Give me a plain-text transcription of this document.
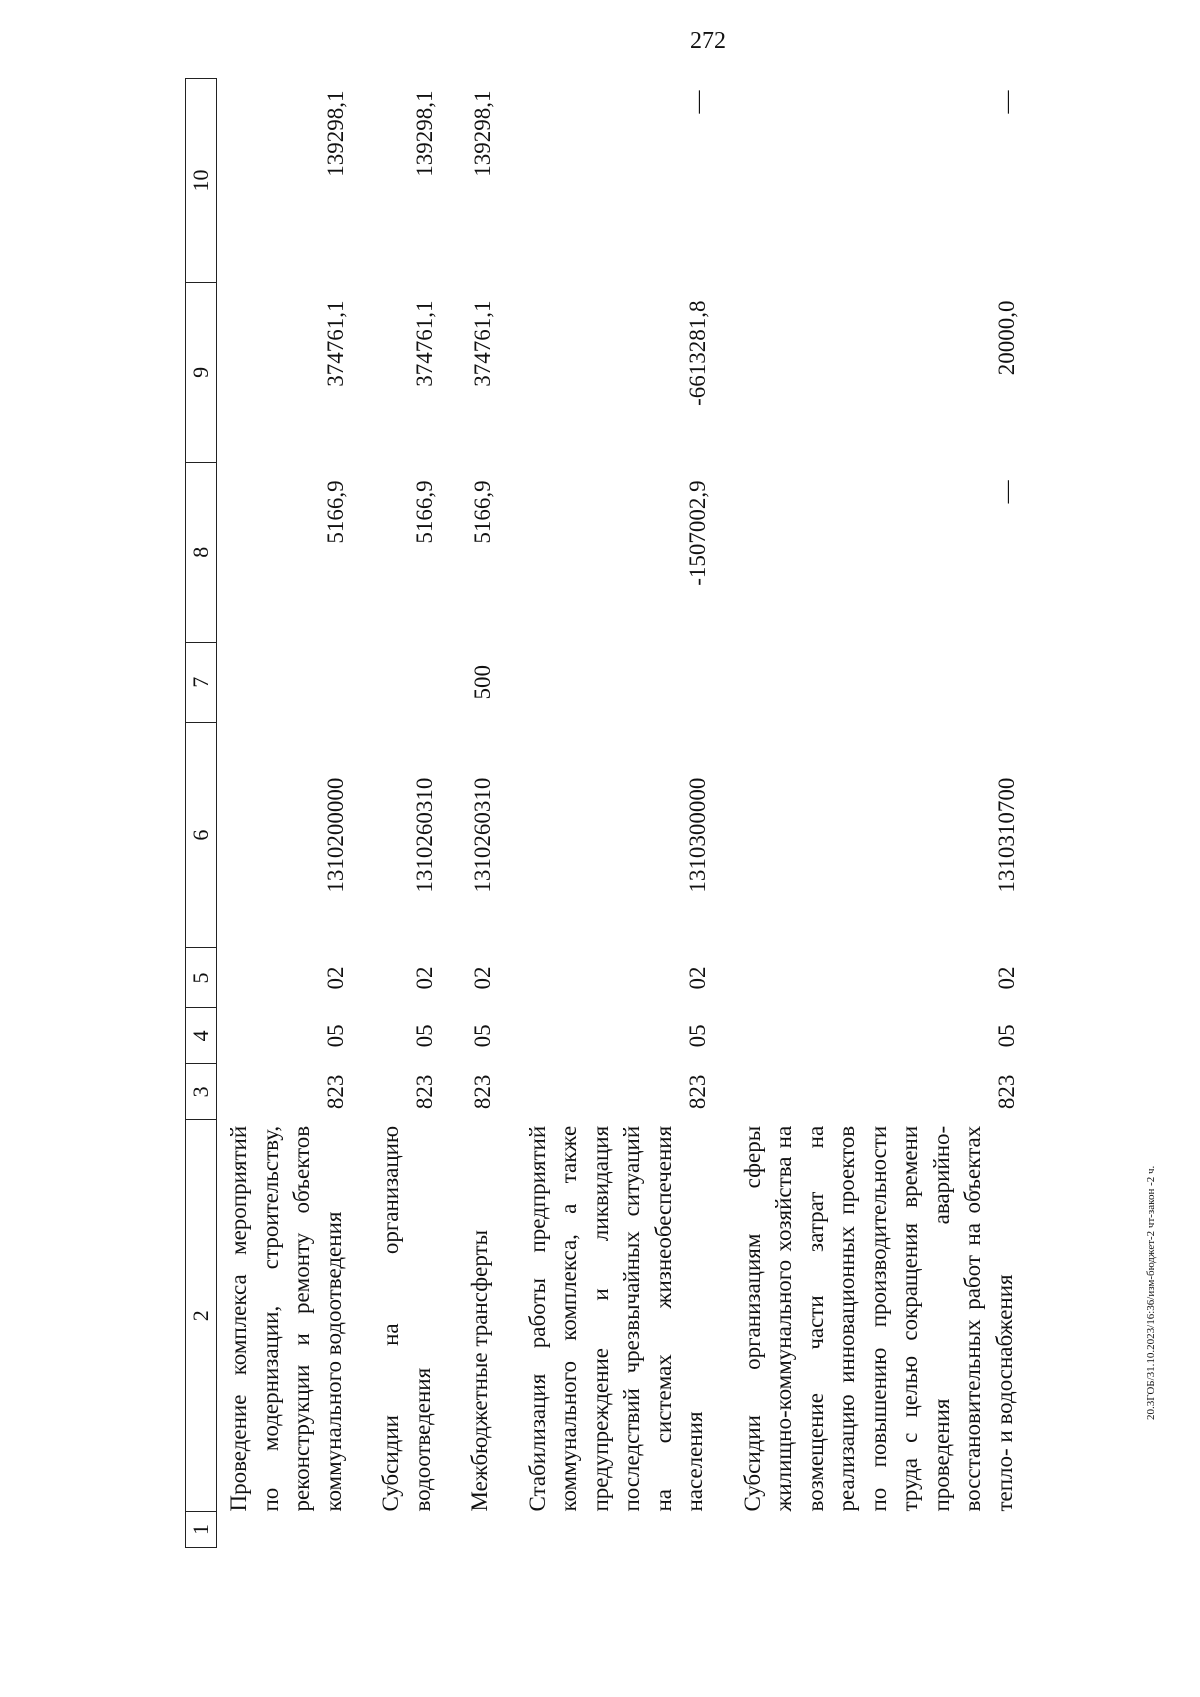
272
1	2	3	4	5	6	7	8	9	10
	Проведение комплекса мероприятий по модернизации, строительству, реконструкции и ремонту объектов коммунального водоотведения	823	05	02	1310200000		5166,9	374761,1	139298,1
	Субсидии на организацию водоотведения	823	05	02	1310260310		5166,9	374761,1	139298,1
	Межбюджетные трансферты	823	05	02	1310260310	500	5166,9	374761,1	139298,1
	Стабилизация работы предприятий коммунального комплекса, а также предупреждение и ликвидация последствий чрезвычайных ситуаций на системах жизнеобеспечения населения	823	05	02	1310300000		-1507002,9	-6613281,8	—
	Субсидии организациям сферы жилищно-коммунального хозяйства на возмещение части затрат на реализацию инновационных проектов по повышению производительности труда с целью сокращения времени проведения аварийно-восстановительных работ на объектах тепло- и водоснабжения	823	05	02	1310310700		—	20000,0	—
20.3ГОБ/31.10.2023/16:36/изм-бюджет-2 чт-закон -2 ч.
